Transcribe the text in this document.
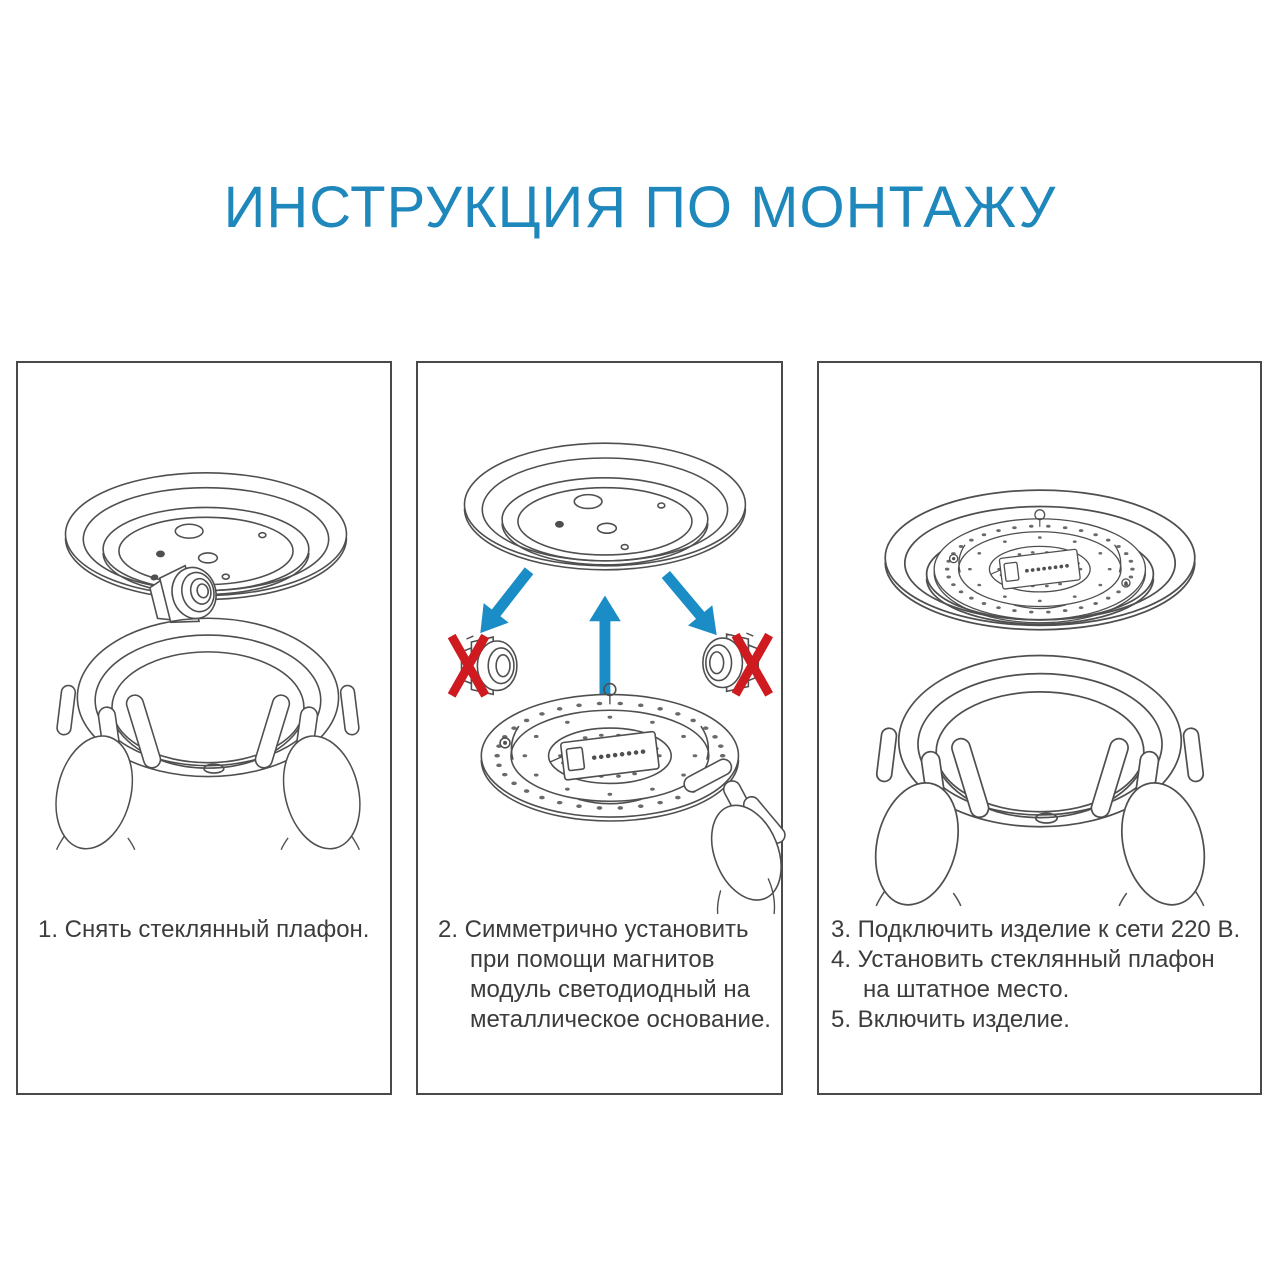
ИНСТРУКЦИЯ ПО МОНТАЖУ
1. Снять стеклянный плафон.	2. Симметрично установить
при помощи магнитов
модуль светодиодный на
металлическое основание.
3. Подключить изделие к сети 220 В.
4. Установить стеклянный плафон
на штатное место.
5. Включить изделие.
